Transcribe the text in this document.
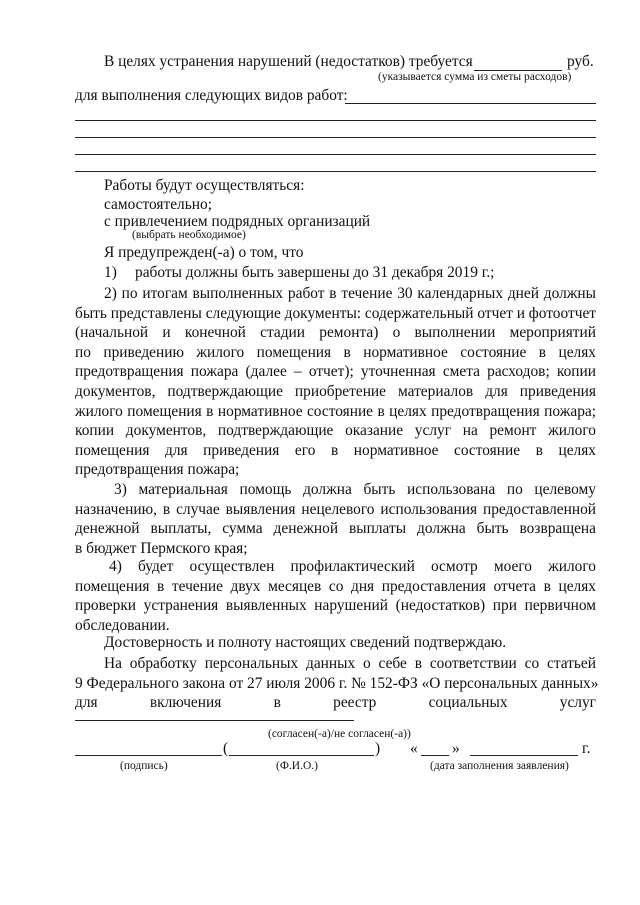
В целях устранения нарушений (недостатков) требуется	руб.
(указывается сумма из сметы расходов)
для выполнения следующих видов работ:
Работы будут осуществляться:
самостоятельно;
с привлечением подрядных организаций
(выбрать необходимое)
Я предупрежден(-а) о том, что
1) работы должны быть завершены до 31 декабря 2019 г.;
2) по итогам выполненных работ в течение 30 календарных дней должны
быть представлены следующие документы: содержательный отчет и фотоотчет
(начальной и конечной стадии ремонта) о выполнении мероприятий
по приведению жилого помещения в нормативное состояние в целях
предотвращения пожара (далее – отчет); уточненная смета расходов; копии
документов, подтверждающие приобретение материалов для приведения
жилого помещения в нормативное состояние в целях предотвращения пожара;
копии документов, подтверждающие оказание услуг на ремонт жилого
помещения для приведения его в нормативное состояние в целях
предотвращения пожара;
3) материальная помощь должна быть использована по целевому
назначению, в случае выявления нецелевого использования предоставленной
денежной выплаты, сумма денежной выплаты должна быть возвращена
в бюджет Пермского края;
4) будет осуществлен профилактический осмотр моего жилого
помещения в течение двух месяцев со дня предоставления отчета в целях
проверки устранения выявленных нарушений (недостатков) при первичном
обследовании.
Достоверность и полноту настоящих сведений подтверждаю.
На обработку персональных данных о себе в соответствии со статьей
9 Федерального закона от 27 июля 2006 г. № 152-ФЗ «О персональных данных»
для включения в реестр социальных услуг
(согласен(-а)/не согласен(-а))
(	) « »	г.
(подпись)	(Ф.И.О.)	(дата заполнения заявления)
